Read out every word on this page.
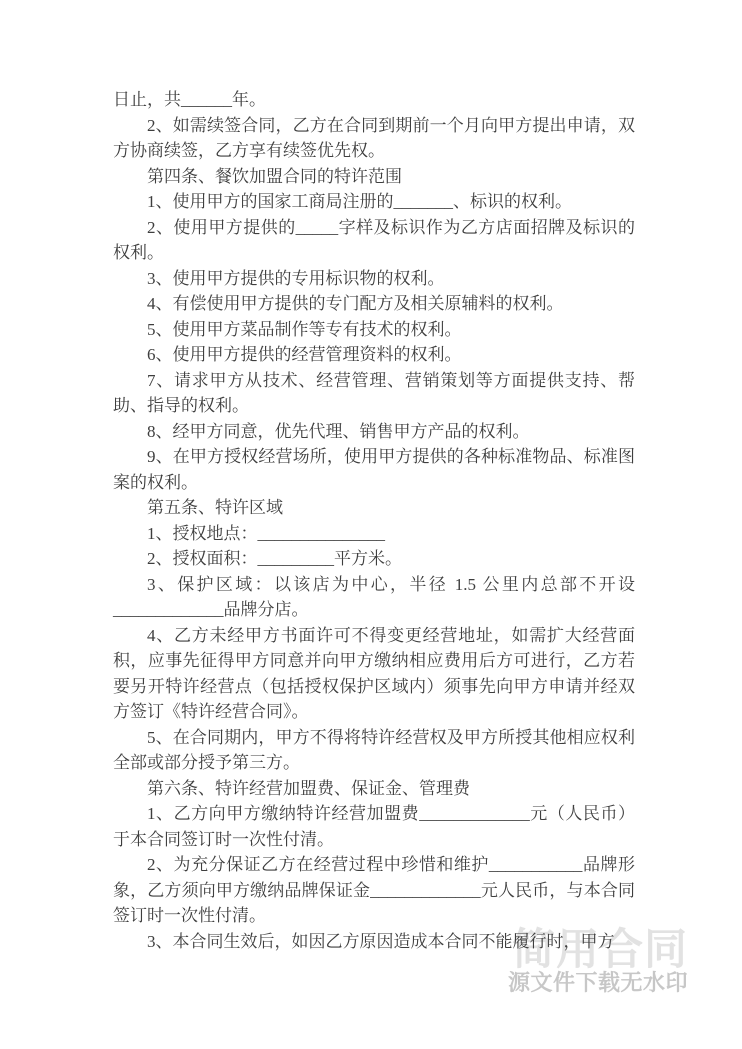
简用合同
源文件下载无水印

日止，共______年。

2、如需续签合同，乙方在合同到期前一个月向甲方提出申请，双方协商续签，乙方享有续签优先权。

第四条、餐饮加盟合同的特许范围

1、使用甲方的国家工商局注册的_______、标识的权利。

2、使用甲方提供的_____字样及标识作为乙方店面招牌及标识的权利。

3、使用甲方提供的专用标识物的权利。

4、有偿使用甲方提供的专门配方及相关原辅料的权利。

5、使用甲方菜品制作等专有技术的权利。

6、使用甲方提供的经营管理资料的权利。

7、请求甲方从技术、经营管理、营销策划等方面提供支持、帮助、指导的权利。

8、经甲方同意，优先代理、销售甲方产品的权利。

9、在甲方授权经营场所，使用甲方提供的各种标准物品、标准图案的权利。

第五条、特许区域

1、授权地点：_______________

2、授权面积：_________平方米。

3、保护区域：以该店为中心，半径 1.5 公里内总部不开设_____________品牌分店。

4、乙方未经甲方书面许可不得变更经营地址，如需扩大经营面积，应事先征得甲方同意并向甲方缴纳相应费用后方可进行，乙方若要另开特许经营点（包括授权保护区域内）须事先向甲方申请并经双方签订《特许经营合同》。

5、在合同期内，甲方不得将特许经营权及甲方所授其他相应权利全部或部分授予第三方。

第六条、特许经营加盟费、保证金、管理费

1、乙方向甲方缴纳特许经营加盟费_____________元（人民币）于本合同签订时一次性付清。

2、为充分保证乙方在经营过程中珍惜和维护___________品牌形象，乙方须向甲方缴纳品牌保证金_____________元人民币，与本合同签订时一次性付清。

3、本合同生效后，如因乙方原因造成本合同不能履行时，甲方
